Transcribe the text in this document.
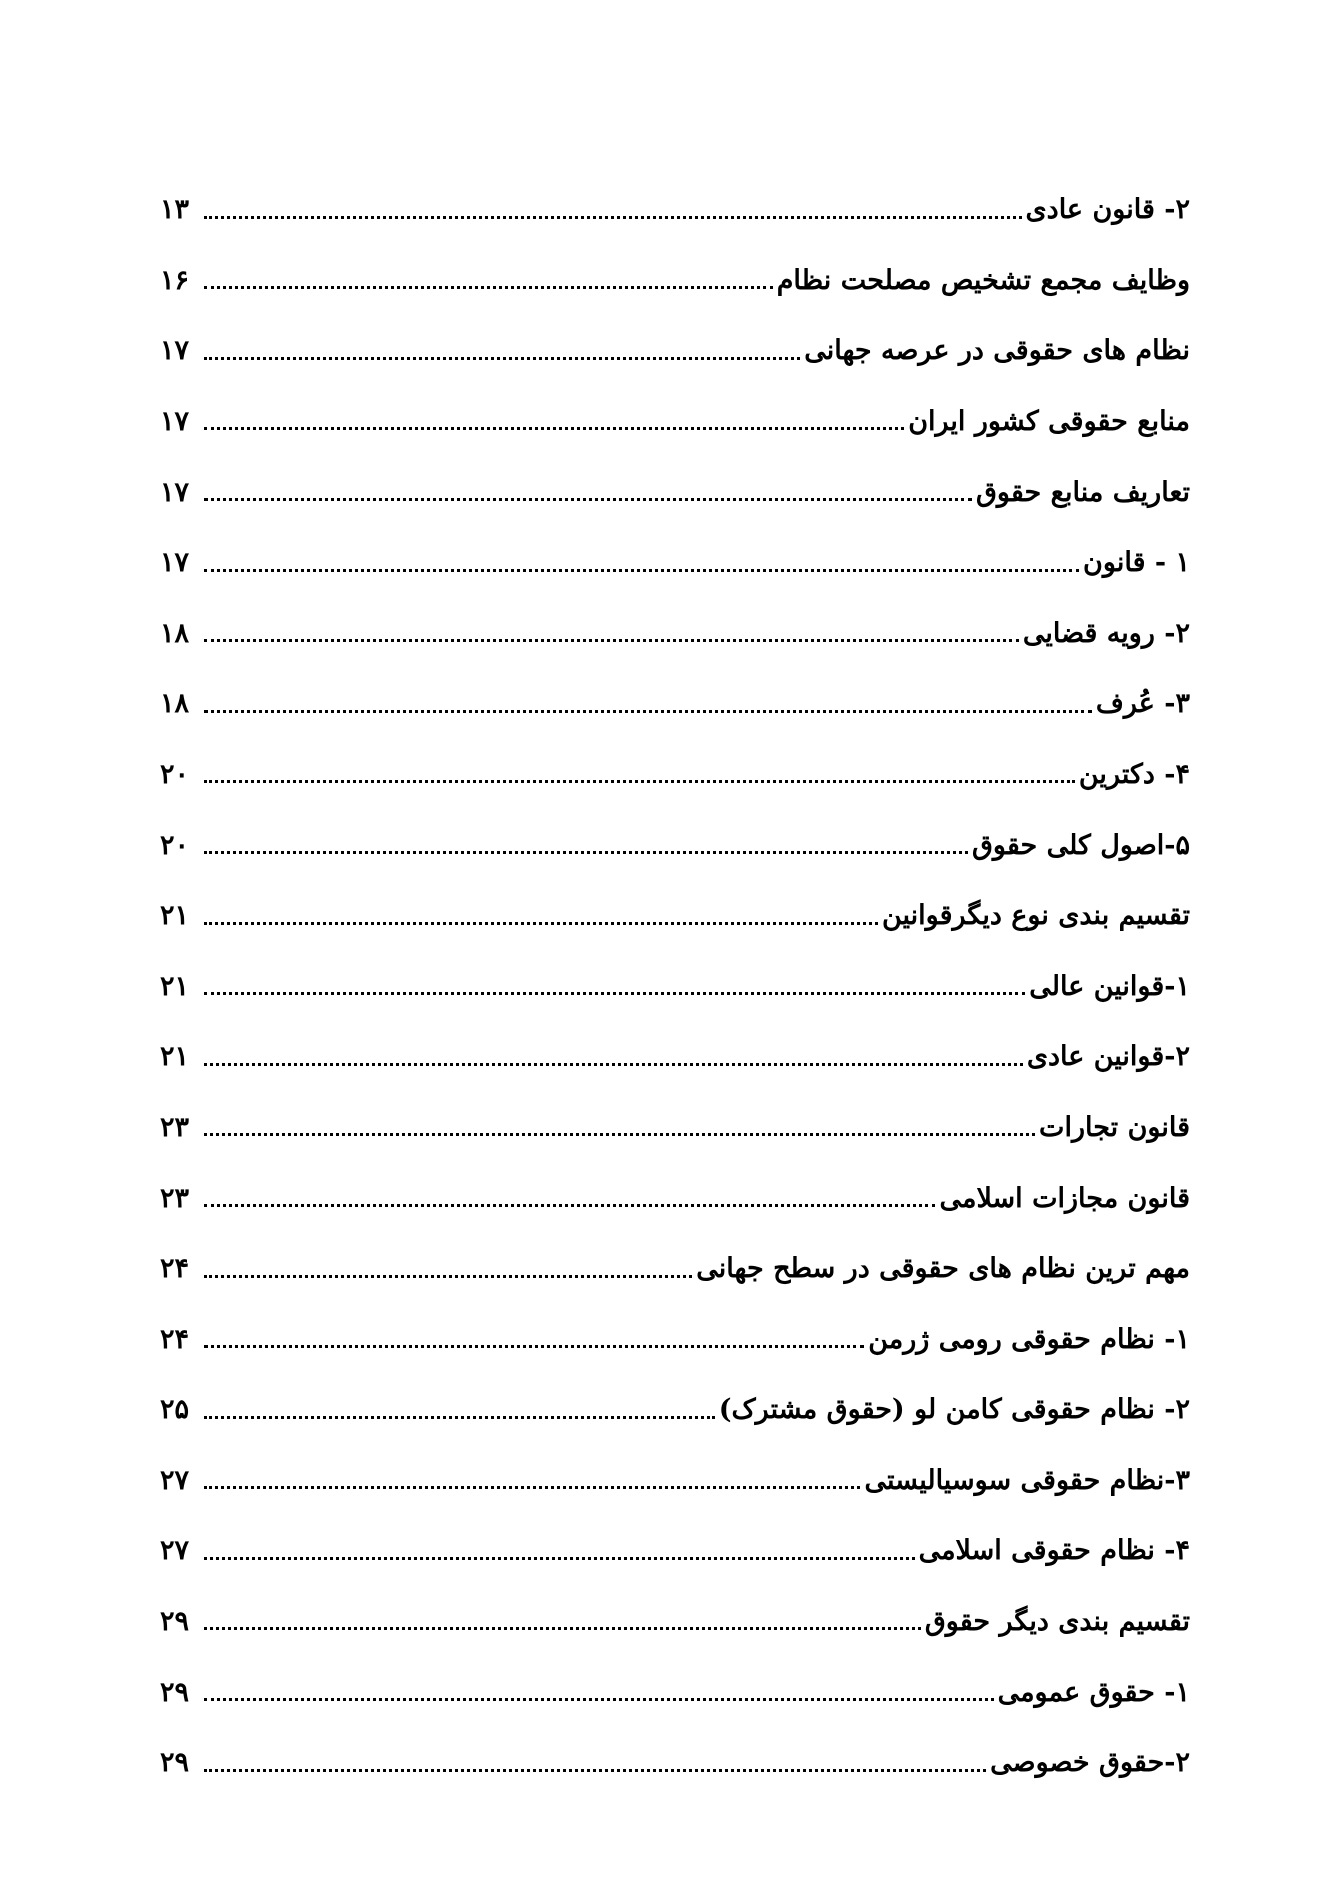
۲- قانون عادی
۱۳
وظایف مجمع تشخیص مصلحت نظام
۱۶
نظام های حقوقی در عرصه جهانی
۱۷
منابع حقوقی کشور ایران
۱۷
تعاریف منابع حقوق
۱۷
۱ - قانون
۱۷
۲- رویه قضایی
۱۸
۳- عُرف
۱۸
۴- دکترین
۲۰
۵-اصول کلی حقوق
۲۰
تقسیم بندی نوع دیگرقوانین
۲۱
۱-قوانین عالی
۲۱
۲-قوانین عادی
۲۱
قانون تجارات
۲۳
قانون مجازات اسلامی
۲۳
مهم ترین نظام های حقوقی در سطح جهانی
۲۴
۱- نظام حقوقی رومی ژرمن
۲۴
۲- نظام حقوقی کامن لو (حقوق مشترک)
۲۵
۳-نظام حقوقی سوسیالیستی
۲۷
۴- نظام حقوقی اسلامی
۲۷
تقسیم بندی دیگر حقوق
۲۹
۱- حقوق عمومی
۲۹
۲-حقوق خصوصی
۲۹
